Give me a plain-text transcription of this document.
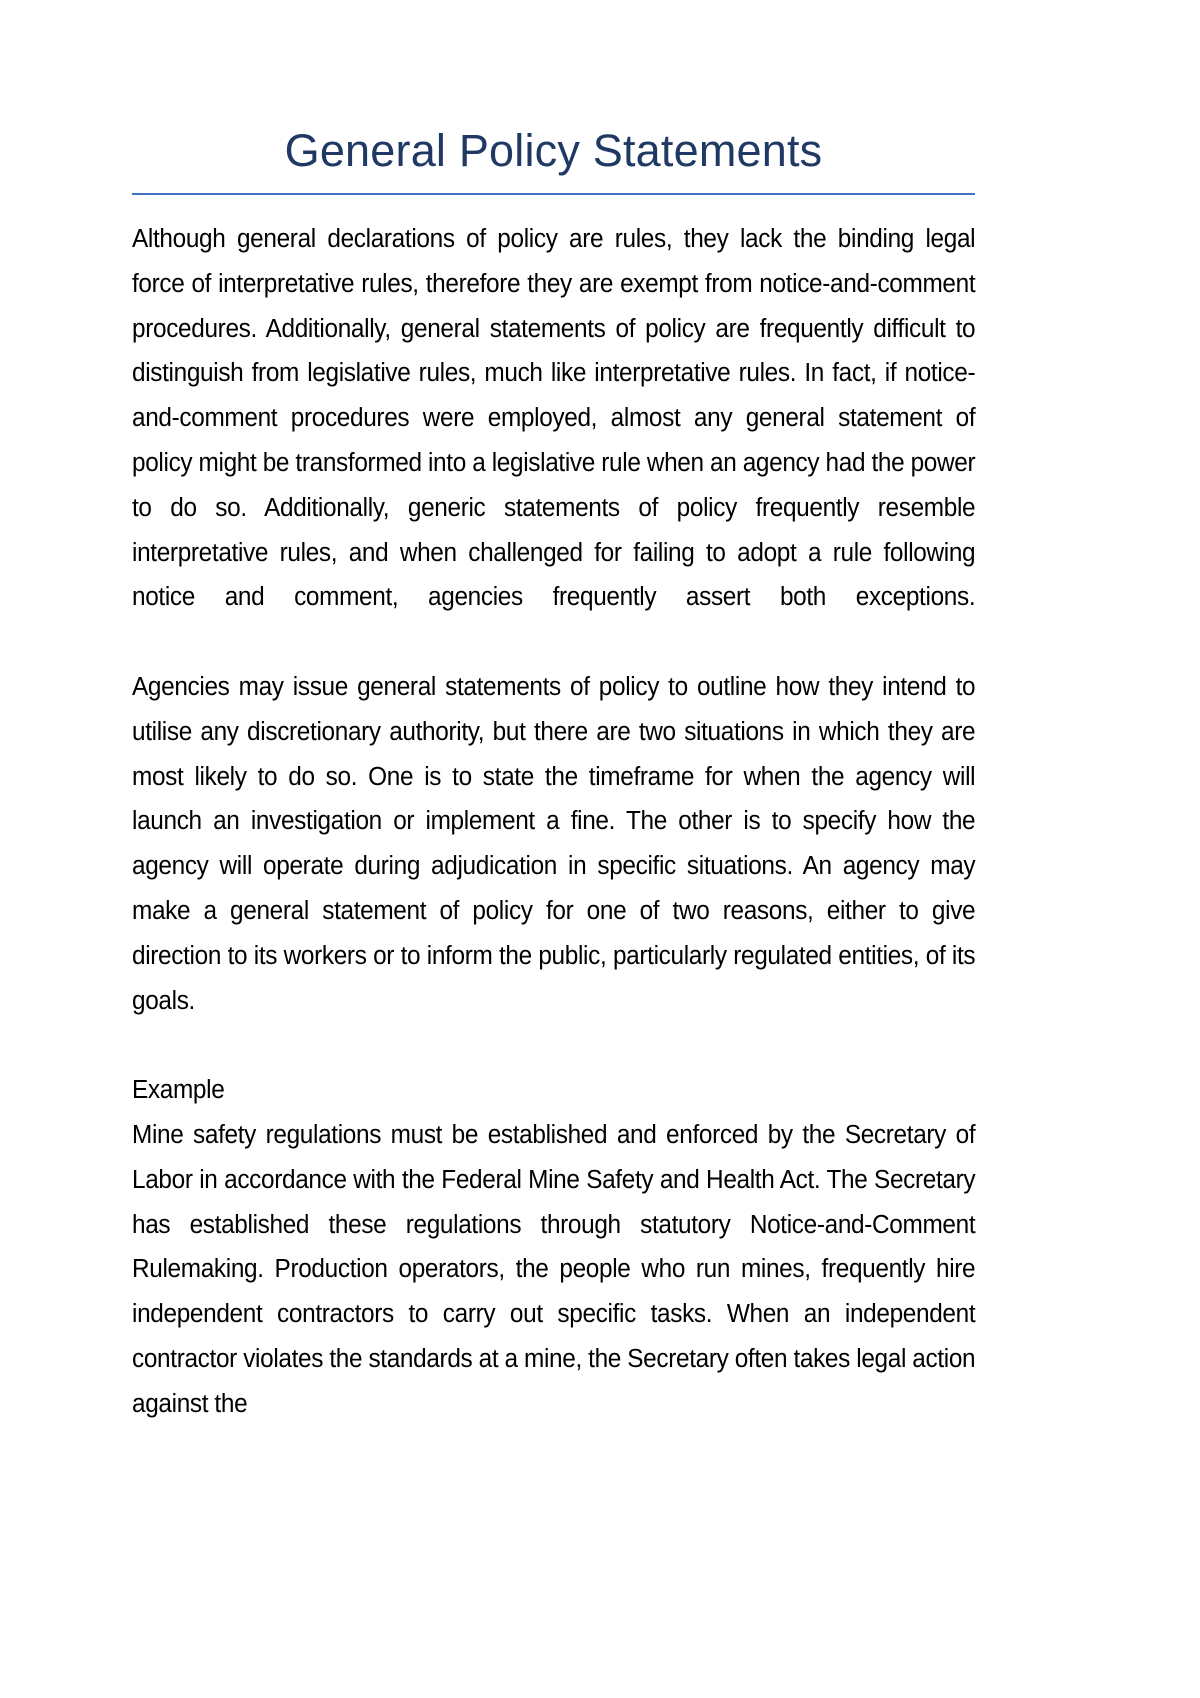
General Policy Statements

Although general declarations of policy are rules, they lack the binding legal force of interpretative rules, therefore they are exempt from notice-and-comment procedures. Additionally, general statements of policy are frequently difficult to distinguish from legislative rules, much like interpretative rules. In fact, if notice-and-comment procedures were employed, almost any general statement of policy might be transformed into a legislative rule when an agency had the power to do so. Additionally, generic statements of policy frequently resemble interpretative rules, and when challenged for failing to adopt a rule following notice and comment, agencies frequently assert both exceptions.

Agencies may issue general statements of policy to outline how they intend to utilise any discretionary authority, but there are two situations in which they are most likely to do so. One is to state the timeframe for when the agency will launch an investigation or implement a fine. The other is to specify how the agency will operate during adjudication in specific situations. An agency may make a general statement of policy for one of two reasons, either to give direction to its workers or to inform the public, particularly regulated entities, of its goals.

Example

Mine safety regulations must be established and enforced by the Secretary of Labor in accordance with the Federal Mine Safety and Health Act. The Secretary has established these regulations through statutory Notice-and-Comment Rulemaking. Production operators, the people who run mines, frequently hire independent contractors to carry out specific tasks. When an independent contractor violates the standards at a mine, the Secretary often takes legal action against the
